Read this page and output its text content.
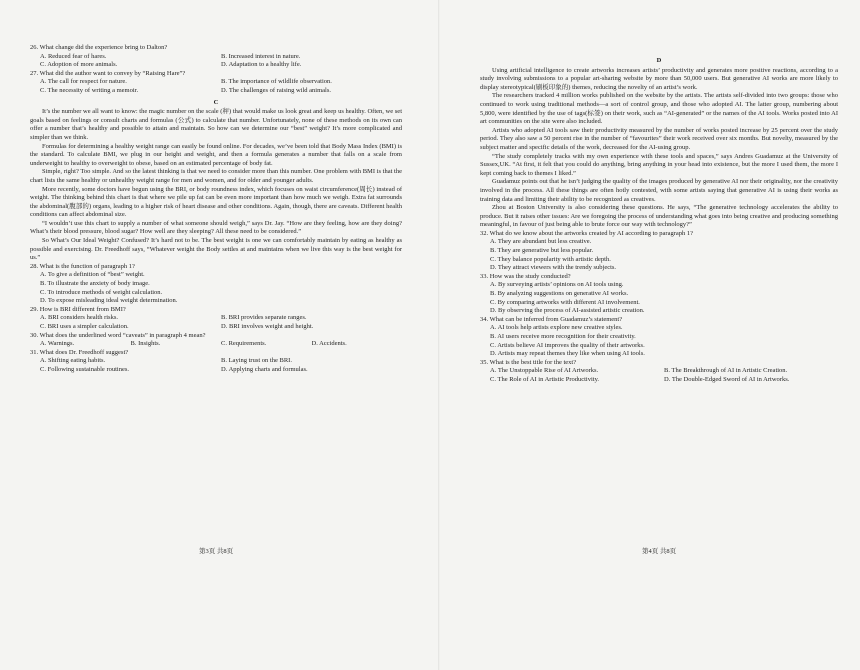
26. What change did the experience bring to Dalton?

A. Reduced fear of hares.	B. Increased interest in nature.
C. Adoption of more animals.	D. Adaptation to a healthy life.

27. What did the author want to convey by “Raising Hare”?

A. The call for respect for nature.	B. The importance of wildlife observation.
C. The necessity of writing a memoir.	D. The challenges of raising wild animals.
C

It’s the number we all want to know: the magic number on the scale (秤) that would make us look great and keep us healthy. Often, we set goals based on feelings or consult charts and formulas (公式) to calculate that number. Unfortunately, none of these methods on its own can offer a number that’s healthy and possible to attain and maintain. So how can we determine our “best” weight? It’s more complicated and simpler than we think.

Formulas for determining a healthy weight range can easily be found online. For decades, we’ve been told that Body Mass Index (BMI) is the standard. To calculate BMI, we plug in our height and weight, and then a formula generates a number that falls on a scale from underweight to healthy to overweight to obese, based on an estimated percentage of body fat.

Simple, right? Too simple. And so the latest thinking is that we need to consider more than this number. One problem with BMI is that the chart lists the same healthy or unhealthy weight range for men and women, and for older and younger adults.

More recently, some doctors have begun using the BRI, or body roundness index, which focuses on waist circumference(周长) instead of weight. The thinking behind this chart is that where we pile up fat can be even more important than how much we weigh. Extra fat surrounds the abdominal(腹部的) organs, leading to a higher risk of heart disease and other conditions. Again, though, there are caveats. Different health conditions can affect abdominal size.

“I wouldn’t use this chart to supply a number of what someone should weigh,” says Dr. Jay. “How are they feeling, how are they doing? What’s their blood pressure, blood sugar? How well are they sleeping? All these need to be considered.”

So What’s Our Ideal Weight? Confused? It’s hard not to be. The best weight is one we can comfortably maintain by eating as healthy as possible and exercising. Dr. Freedhoff says, “Whatever weight the Body settles at and maintains when we live this way is the best weight for us.”

28. What is the function of paragraph 1?

A. To give a definition of “best” weight.
B. To illustrate the anxiety of body image.
C. To introduce methods of weight calculation.
D. To expose misleading ideal weight determination.

29. How is BRI different from BMI?

A. BRI considers health risks.	B. BRI provides separate ranges.
C. BRI uses a simpler calculation.	D. BRI involves weight and height.

30. What does the underlined word “caveats” in paragraph 4 mean?

A. Warnings.	B. Insights.	C. Requirements.	D. Accidents.

31. What does Dr. Freedhoff suggest?

A. Shifting eating habits.	B. Laying trust on the BRI.
C. Following sustainable routines.	D. Applying charts and formulas.
第3页 共8页
D

Using artificial intelligence to create artworks increases artists’ productivity and generates more positive reactions, according to a study involving submissions to a popular art-sharing website by more than 50,000 users. But generative AI works are more likely to display stereotypical(刷板印象的) themes, reducing the novelty of an artist’s work.

The researchers tracked 4 million works published on the website by the artists. The artists self-divided into two groups: those who continued to work using traditional methods—a sort of control group, and those who adopted AI. The latter group, numbering about 5,800, were identified by the use of tags(标签) on their work, such as “AI-generated” or the names of the AI tools. Works posted into AI art communities on the site were also included.

Artists who adopted AI tools saw their productivity measured by the number of works posted increase by 25 percent over the study period. They also saw a 50 percent rise in the number of “favourites” their work received over six months. But novelty, measured by the subject matter and specific details of the work, decreased for the AI-using group.

“The study completely tracks with my own experience with these tools and spaces,” says Andres Guadamuz at the University of Sussex,UK. “At first, it felt that you could do anything, bring anything in your head into existence, but the more I used them, the more I kept coming back to themes I liked.”

Guadamuz points out that he isn’t judging the quality of the images produced by generative AI nor their originality, nor the creativity involved in the process. All these things are often hotly contested, with some artists saying that generative AI is using their works as training data and limiting their ability to be recognized as creatives.

Zhou at Boston University is also considering these questions. He says, “The generative technology accelerates the ability to produce. But it raises other issues: Are we foregoing the process of understanding what goes into being creative and producing something meaningful, in favour of just being able to brute force our way with technology?”

32. What do we know about the artworks created by AI according to paragraph 1?

A. They are abundant but less creative.
B. They are generative but less popular.
C. They balance popularity with artistic depth.
D. They attract viewers with the trendy subjects.

33. How was the study conducted?

A. By surveying artists’ opinions on AI tools using.
B. By analyzing suggestions on generative AI works.
C. By comparing artworks with different AI involvement.
D. By observing the process of AI-assisted artistic creation.

34. What can be inferred from Guadamuz’s statement?

A. AI tools help artists explore new creative styles.
B. AI users receive more recognition for their creativity.
C. Artists believe AI improves the quality of their artworks.
D. Artists may repeat themes they like when using AI tools.

35. What is the best title for the text?

A. The Unstoppable Rise of AI Artworks.	B. The Breakthrough of AI in Artistic Creation.
C. The Role of AI in Artistic Productivity.	D. The Double-Edged Sword of AI in Artworks.
第4页 共8页
